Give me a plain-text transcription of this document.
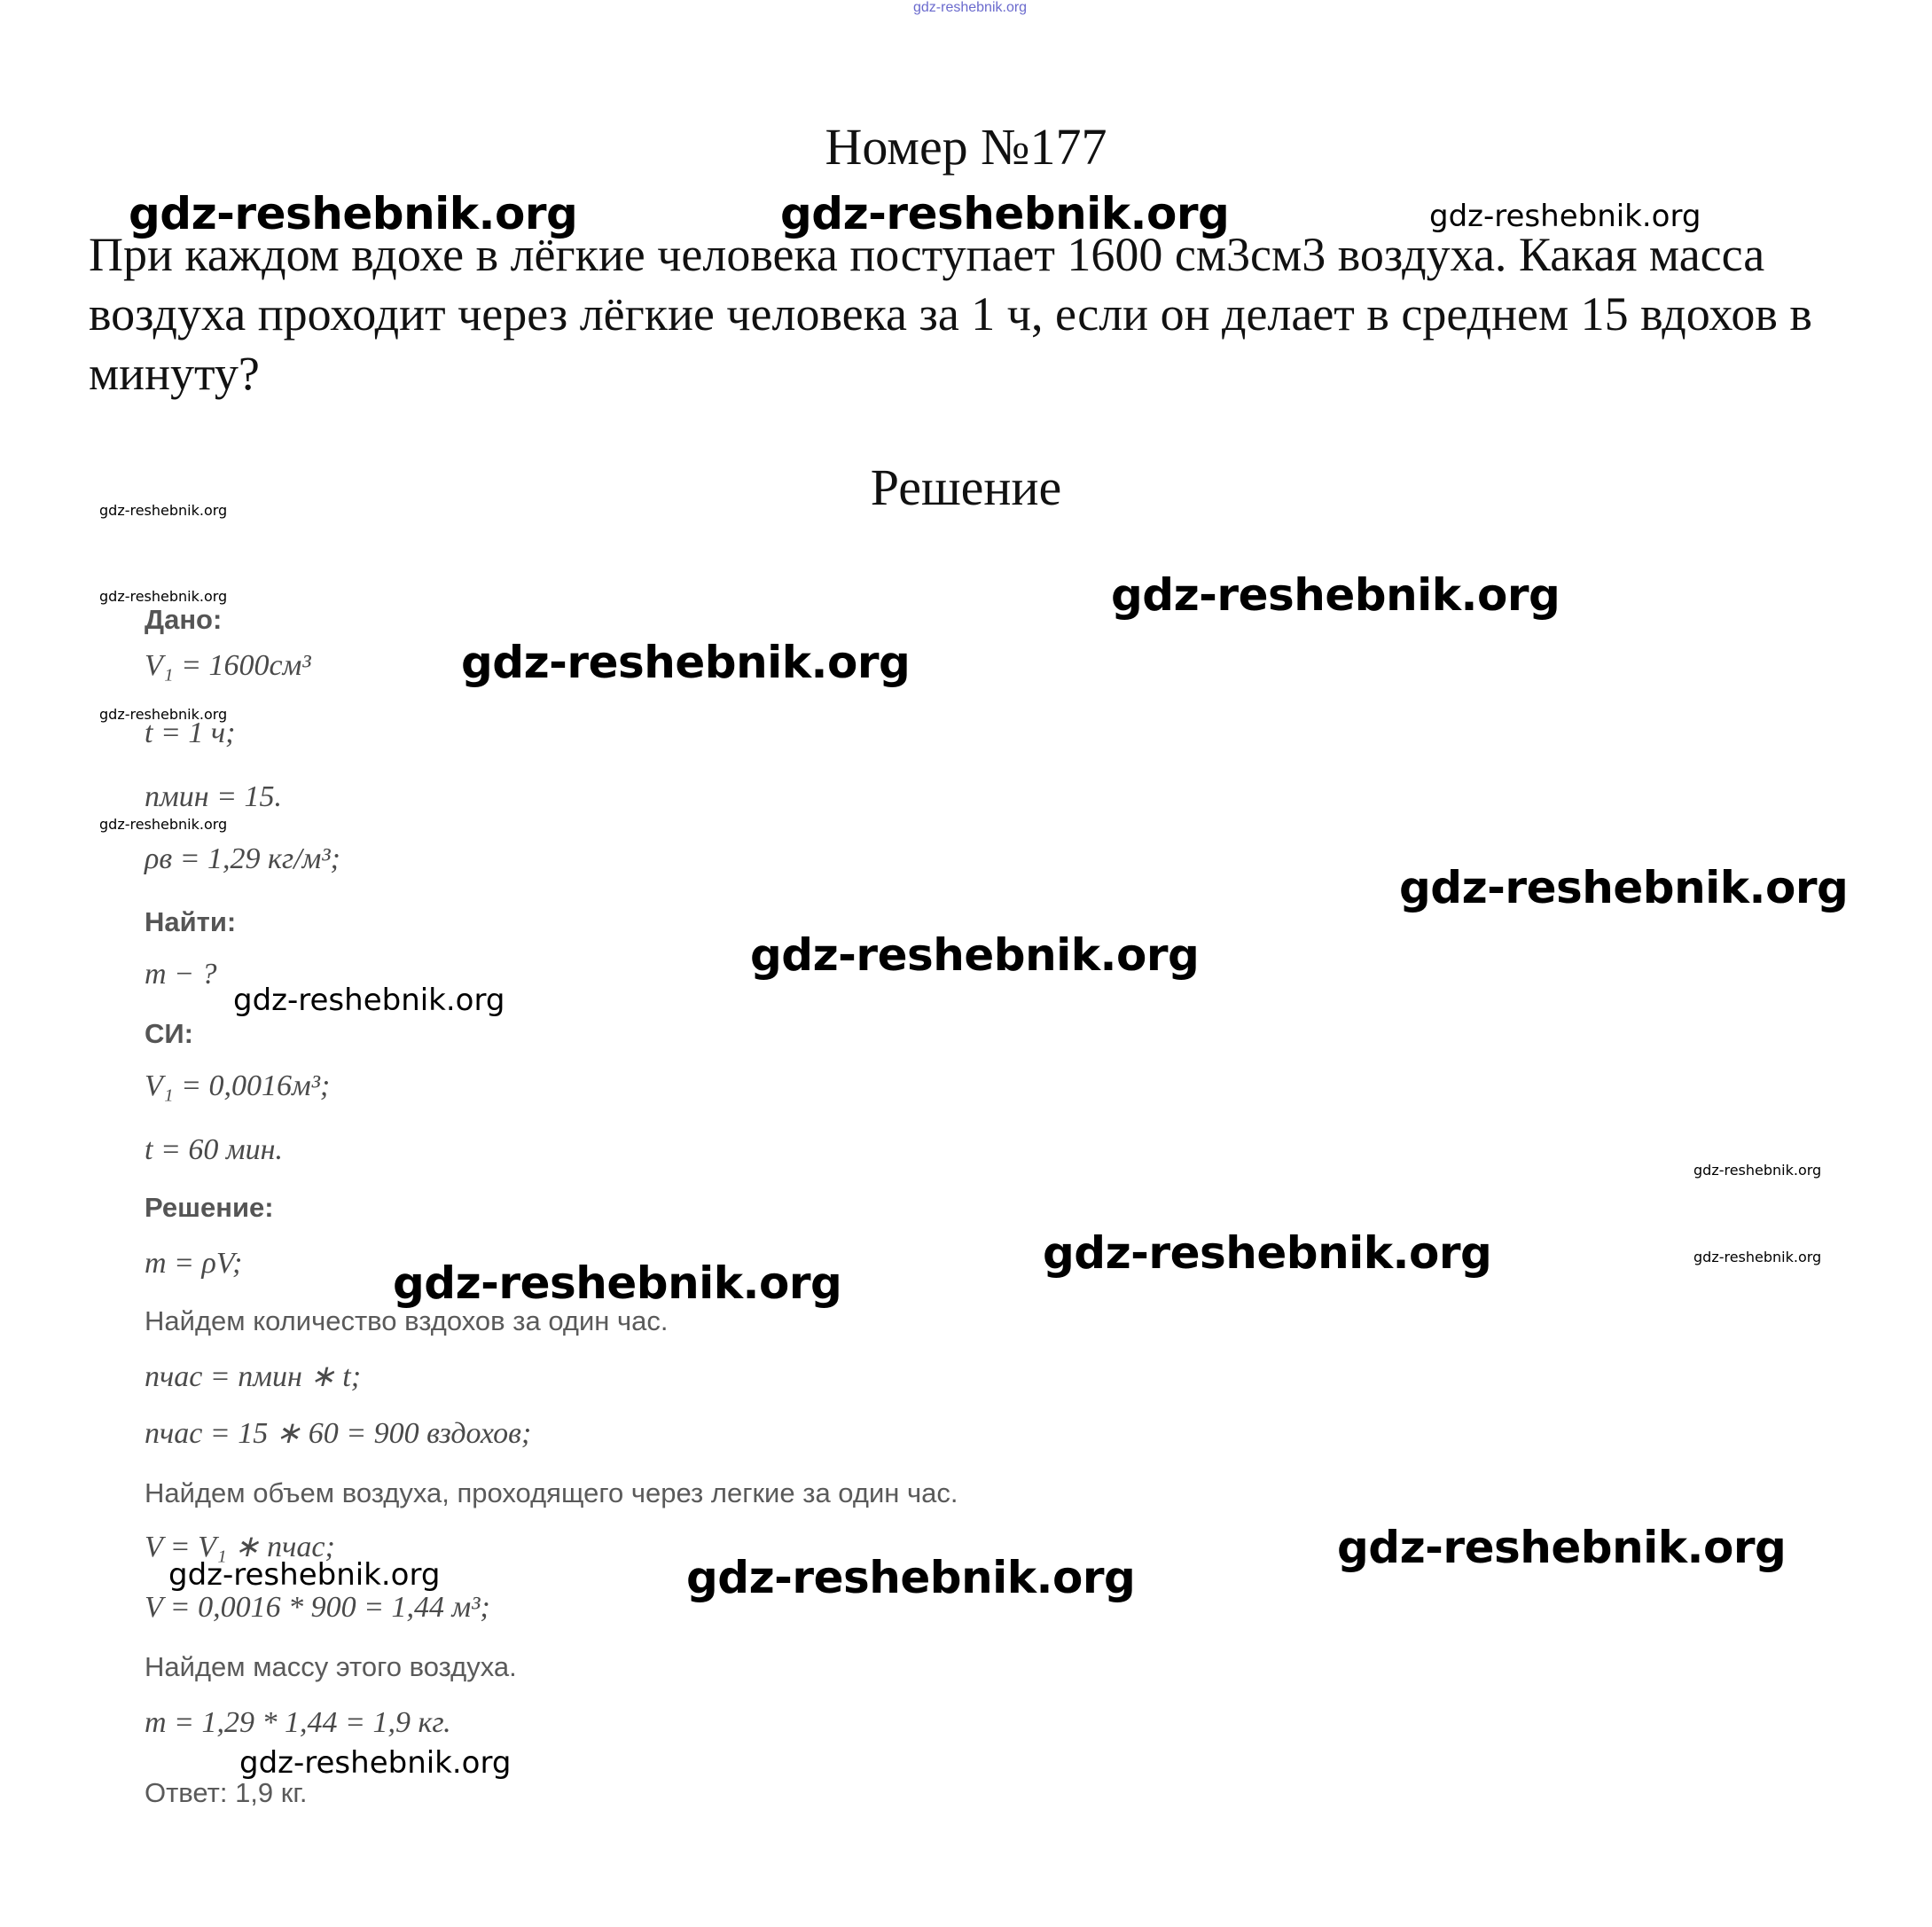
gdz-reshebnik.org
Номер №177
При каждом вдохе в лёгкие человека поступает 1600 см3см3 воздуха. Какая масса воздуха проходит через лёгкие человека за 1 ч, если он делает в среднем 15 вдохов в минуту?
Решение
Дано:
V₁ = 1600см³
t = 1 ч;
nмин = 15.
ρв = 1,29 кг/м³;
Найти:
m − ?
СИ:
V₁ = 0,0016м³;
t = 60 мин.
Решение:
m = ρV;
Найдем количество вздохов за один час.
nчас = nмин ∗ t;
nчас = 15 ∗ 60 = 900 вздохов;
Найдем объем воздуха, проходящего через легкие за один час.
V = V₁ ∗ nчас;
V = 0,0016 * 900 = 1,44 м³;
Найдем массу этого воздуха.
m = 1,29 * 1,44 = 1,9 кг.
Ответ: 1,9 кг.
gdz-reshebnik.org	gdz-reshebnik.org	gdz-reshebnik.org
gdz-reshebnik.org
gdz-reshebnik.org
gdz-reshebnik.org
gdz-reshebnik.org
gdz-reshebnik.org
gdz-reshebnik.org
gdz-reshebnik.org
gdz-reshebnik.org
gdz-reshebnik.org
gdz-reshebnik.org
gdz-reshebnik.org	gdz-reshebnik.org
gdz-reshebnik.org
gdz-reshebnik.org
gdz-reshebnik.org	gdz-reshebnik.org
gdz-reshebnik.org
